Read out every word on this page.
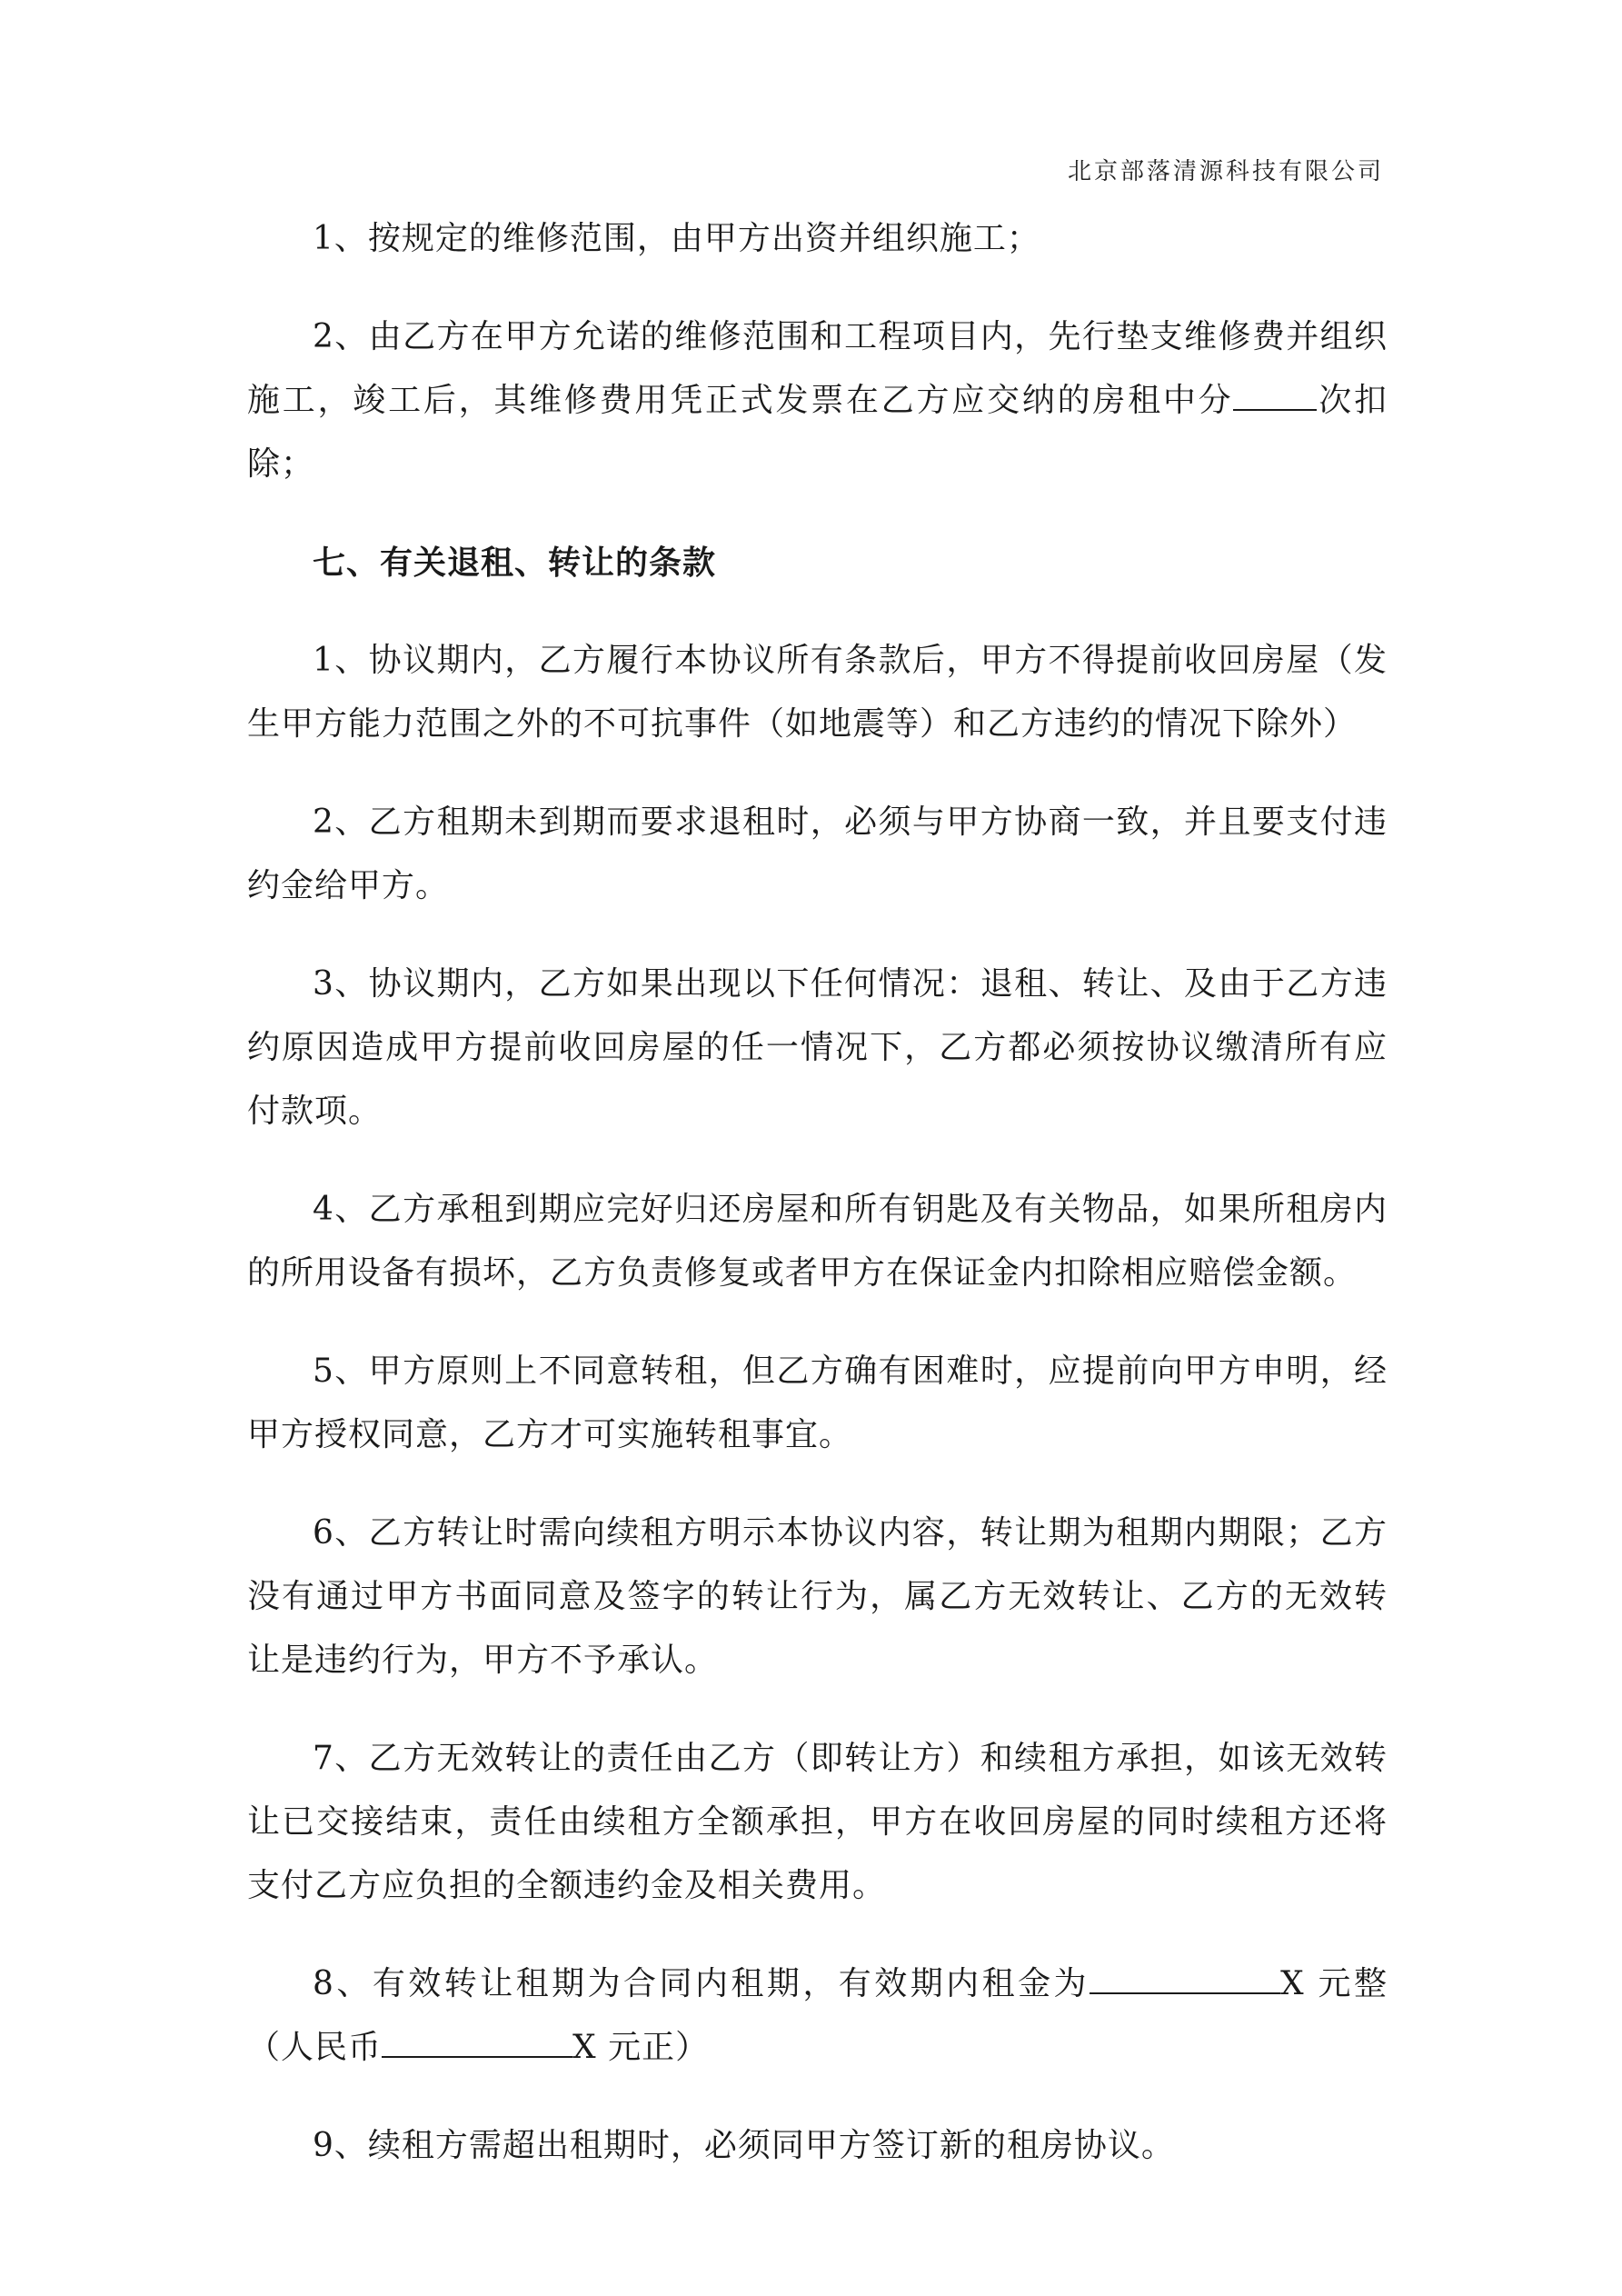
北京部落清源科技有限公司

1、按规定的维修范围，由甲方出资并组织施工；

2、由乙方在甲方允诺的维修范围和工程项目内，先行垫支维修费并组织施工，竣工后，其维修费用凭正式发票在乙方应交纳的房租中分	次扣除；

七、有关退租、转让的条款

1、协议期内，乙方履行本协议所有条款后，甲方不得提前收回房屋（发生甲方能力范围之外的不可抗事件（如地震等）和乙方违约的情况下除外）

2、乙方租期未到期而要求退租时，必须与甲方协商一致，并且要支付违约金给甲方。

3、协议期内，乙方如果出现以下任何情况：退租、转让、及由于乙方违约原因造成甲方提前收回房屋的任一情况下，乙方都必须按协议缴清所有应付款项。

4、乙方承租到期应完好归还房屋和所有钥匙及有关物品，如果所租房内的所用设备有损坏，乙方负责修复或者甲方在保证金内扣除相应赔偿金额。

5、甲方原则上不同意转租，但乙方确有困难时，应提前向甲方申明，经甲方授权同意，乙方才可实施转租事宜。

6、乙方转让时需向续租方明示本协议内容，转让期为租期内期限；乙方没有通过甲方书面同意及签字的转让行为，属乙方无效转让、乙方的无效转让是违约行为，甲方不予承认。

7、乙方无效转让的责任由乙方（即转让方）和续租方承担，如该无效转让已交接结束，责任由续租方全额承担，甲方在收回房屋的同时续租方还将支付乙方应负担的全额违约金及相关费用。

8、有效转让租期为合同内租期，有效期内租金为	X 元整（人民币	X 元正）

9、续租方需超出租期时，必须同甲方签订新的租房协议。
